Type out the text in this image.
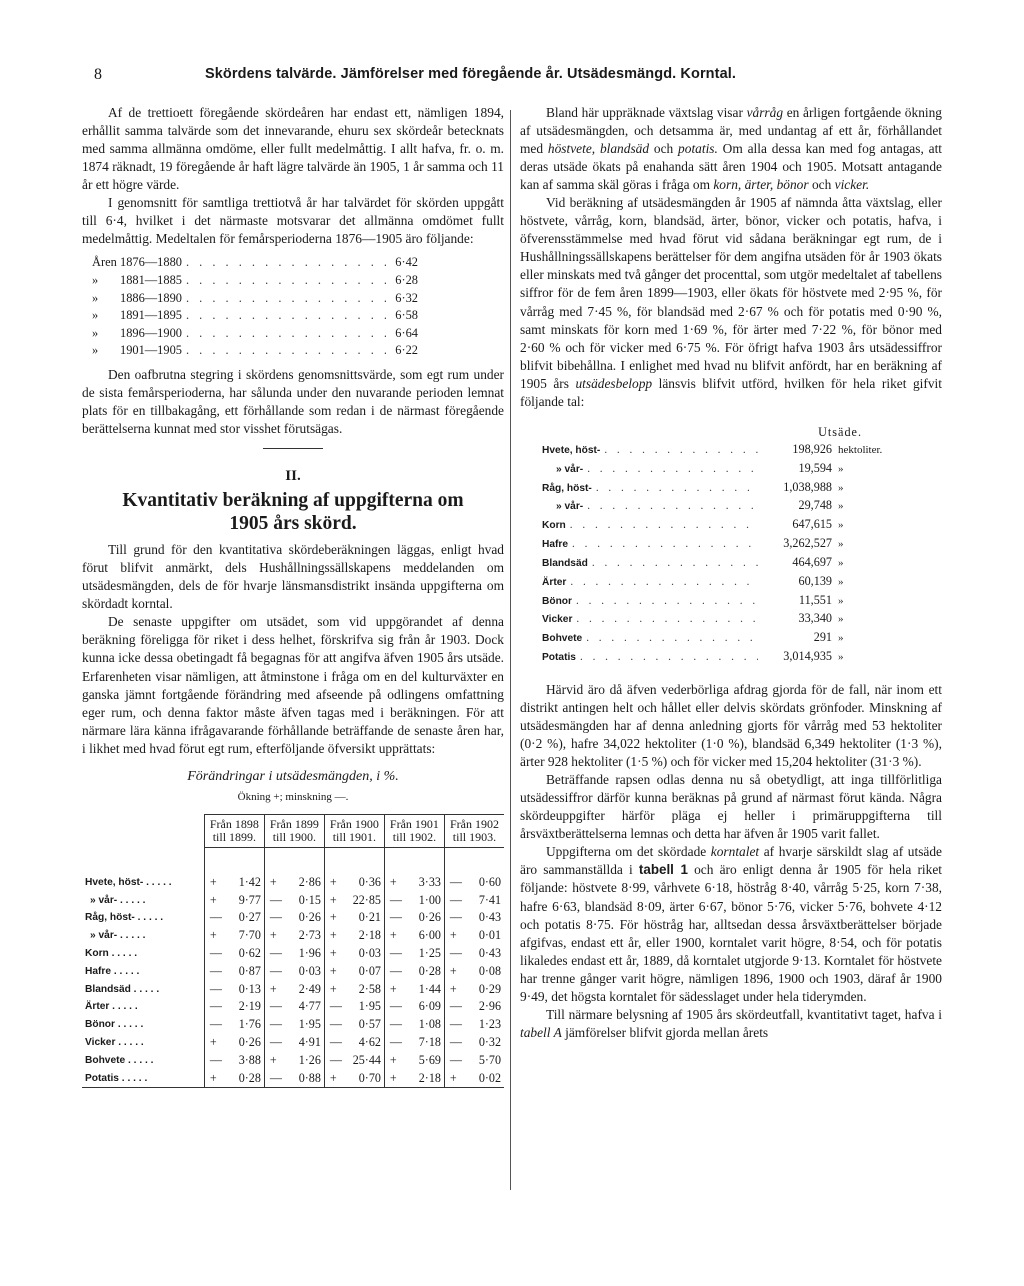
8	Skördens talvärde. Jämförelser med föregående år. Utsädesmängd. Korntal.

Af de trettioett föregående skördeåren har endast ett, nämligen 1894, erhållit samma talvärde som det innevarande, ehuru sex skördeår betecknats med samma allmänna omdöme, eller fullt medelmåttig. I allt hafva, fr. o. m. 1874 räknadt, 19 föregående år haft lägre talvärde än 1905, 1 år samma och 11 år ett högre värde.

I genomsnitt för samtliga trettiotvå år har talvärdet för skörden uppgått till 6·4, hvilket i det närmaste motsvarar det allmänna omdömet fullt medelmåttig. Medeltalen för femårsperioderna 1876—1905 äro följande:

Åren 1876—1880 . . .	6·42
»	1881—1885 . . .	6·28
»	1886—1890 . . .	6·32
»	1891—1895 . . .	6·58
»	1896—1900 . . .	6·64
»	1901—1905 . . .	6·22

Den oafbrutna stegring i skördens genomsnittsvärde, som egt rum under de sista femårsperioderna, har sålunda under den nuvarande perioden lemnat plats för en tillbakagång, ett förhållande som redan i de närmast föregående berättelserna kunnat med stor visshet förutsägas.

II.
Kvantitativ beräkning af uppgifterna om
1905 års skörd.

Till grund för den kvantitativa skördeberäkningen läggas, enligt hvad förut blifvit anmärkt, dels Hushållningssällskapens meddelanden om utsädesmängden, dels de för hvarje länsmansdistrikt insända uppgifterna om skördadt korntal.

De senaste uppgifter om utsädet, som vid uppgörandet af denna beräkning föreligga för riket i dess helhet, förskrifva sig från år 1903. Dock kunna icke dessa obetingadt få begagnas för att angifva äfven 1905 års utsäde. Erfarenheten visar nämligen, att åtminstone i fråga om en del kulturväxter en ganska jämnt fortgående förändring med afseende på odlingens omfattning eger rum, och denna faktor måste äfven tagas med i beräkningen. För att närmare lära känna ifrågavarande förhållande beträffande de senaste åren har, i likhet med hvad förut egt rum, efterföljande öfversikt upprättats:

Förändringar i utsädesmängden, i %.
Ökning +; minskning —.
	Från 1898 till 1899.	Från 1899 till 1900.	Från 1900 till 1901.	Från 1901 till 1902.	Från 1902 till 1903.
Hvete, höst- . . . . .	+ 1·42	+ 2·86	+ 0·36	+ 3·33	— 0·60
» vår- . . . . .	+ 9·77	— 0·15	+ 22·85	— 1·00	— 7·41
Råg, höst- . . . . .	— 0·27	— 0·26	+ 0·21	— 0·26	— 0·43
» vår- . . . . .	+ 7·70	+ 2·73	+ 2·18	+ 6·00	+ 0·01
Korn . . . . .	— 0·62	— 1·96	+ 0·03	— 1·25	— 0·43
Hafre . . . . .	— 0·87	— 0·03	+ 0·07	— 0·28	+ 0·08
Blandsäd . . . . .	— 0·13	+ 2·49	+ 2·58	+ 1·44	+ 0·29
Ärter . . . . .	— 2·19	— 4·77	— 1·95	— 6·09	— 2·96
Bönor . . . . .	— 1·76	— 1·95	— 0·57	— 1·08	— 1·23
Vicker . . . . .	+ 0·26	— 4·91	— 4·62	— 7·18	— 0·32
Bohvete . . . . .	— 3·88	+ 1·26	— 25·44	+ 5·69	— 5·70
Potatis . . . . .	+ 0·28	— 0·88	+ 0·70	+ 2·18	+ 0·02

Bland här uppräknade växtslag visar vårråg en årligen fortgående ökning af utsädesmängden, och detsamma är, med undantag af ett år, förhållandet med höstvete, blandsäd och potatis. Om alla dessa kan med fog antagas, att deras utsäde ökats på enahanda sätt åren 1904 och 1905. Motsatt antagande kan af samma skäl göras i fråga om korn, ärter, bönor och vicker.

Vid beräkning af utsädesmängden år 1905 af nämnda åtta växtslag, eller höstvete, vårråg, korn, blandsäd, ärter, bönor, vicker och potatis, hafva, i öfverensstämmelse med hvad förut vid sådana beräkningar egt rum, de i Hushållningssällskapens berättelser för dem angifna utsäden för år 1903 ökats eller minskats med två gånger det procenttal, som utgör medeltalet af tabellens siffror för de fem åren 1899—1903, eller ökats för höstvete med 2·95 %, för vårråg med 7·45 %, för blandsäd med 2·67 % och för potatis med 0·90 %, samt minskats för korn med 1·69 %, för ärter med 7·22 %, för bönor med 2·60 % och för vicker med 6·75 %. För öfrigt hafva 1903 års utsädessiffror blifvit bibehållna. I enlighet med hvad nu blifvit anfördt, har en beräkning af 1905 års utsädesbelopp länsvis blifvit utförd, hvilken för hela riket gifvit följande tal:

Utsäde.
Hvete, höst- . . .	198,926 hektoliter.
» vår- . . .	19,594 »
Råg, höst- . . .	1,038,988 »
» vår- . . .	29,748 »
Korn . . .	647,615 »
Hafre . . .	3,262,527 »
Blandsäd . . .	464,697 »
Ärter . . .	60,139 »
Bönor . . .	11,551 »
Vicker . . .	33,340 »
Bohvete . . .	291 »
Potatis . . .	3,014,935 »

Härvid äro då äfven vederbörliga afdrag gjorda för de fall, när inom ett distrikt antingen helt och hållet eller delvis skördats grönfoder. Minskning af utsädesmängden har af denna anledning gjorts för vårråg med 53 hektoliter (0·2 %), hafre 34,022 hektoliter (1·0 %), blandsäd 6,349 hektoliter (1·3 %), ärter 928 hektoliter (1·5 %) och för vicker med 15,204 hektoliter (31·3 %).

Beträffande rapsen odlas denna nu så obetydligt, att inga tillförlitliga utsädessiffror därför kunna beräknas på grund af närmast förut kända. Några skördeuppgifter härför pläga ej heller i primäruppgifterna till årsväxtberättelserna lemnas och detta har äfven år 1905 varit fallet.

Uppgifterna om det skördade korntalet af hvarje särskildt slag af utsäde äro sammanställda i tabell 1 och äro enligt denna år 1905 för hela riket följande: höstvete 8·99, vårhvete 6·18, höstråg 8·40, vårråg 5·25, korn 7·38, hafre 6·63, blandsäd 8·09, ärter 6·67, bönor 5·76, vicker 5·76, bohvete 4·12 och potatis 8·75. För höstråg har, alltsedan dessa årsväxtberättelser började afgifvas, endast ett år, eller 1900, korntalet varit högre, 8·54, och för potatis likaledes endast ett år, 1889, då korntalet utgjorde 9·13. Korntalet för höstvete har trenne gånger varit högre, nämligen 1896, 1900 och 1903, däraf år 1900 9·49, det högsta korntalet för sädesslaget under hela tiderymden.

Till närmare belysning af 1905 års skördeutfall, kvantitativt taget, hafva i tabell A jämförelser blifvit gjorda mellan årets
